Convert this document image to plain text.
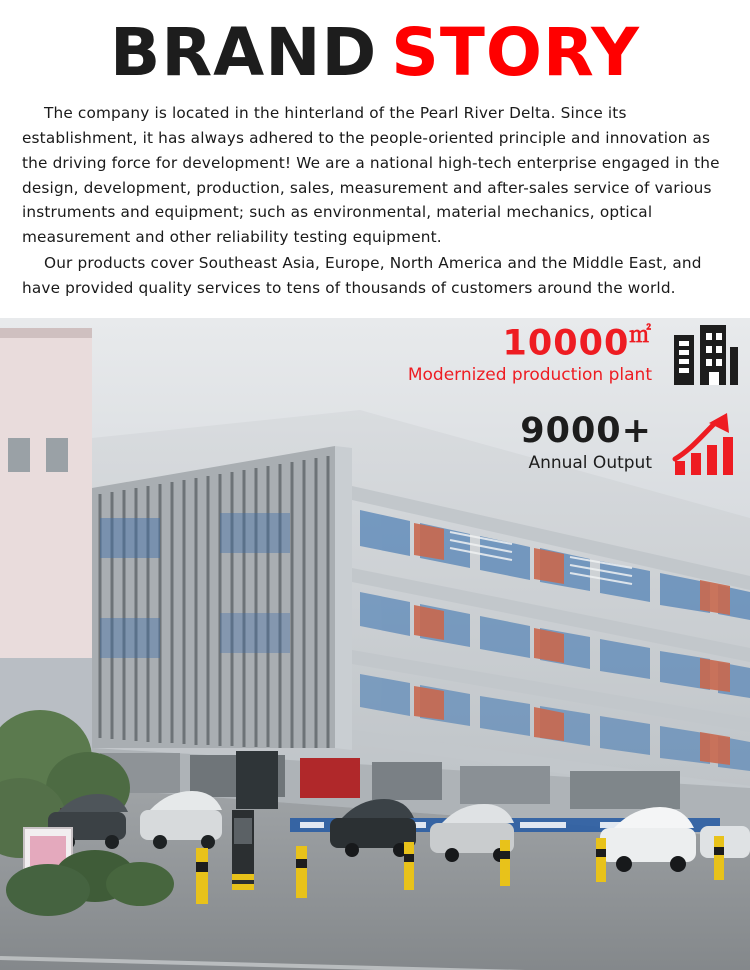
BRAND STORY

The company is located in the hinterland of the Pearl River Delta. Since its establishment, it has always adhered to the people-oriented principle and innovation as the driving force for development! We are a national high-tech enterprise engaged in the design, development, production, sales, measurement and after-sales service of various instruments and equipment; such as environmental, material mechanics, optical measurement and other reliability testing equipment.

Our products cover Southeast Asia, Europe, North America and the Middle East, and have provided quality services to tens of thousands of customers around the world.

10000㎡
Modernized production plant
9000+
Annual Output
